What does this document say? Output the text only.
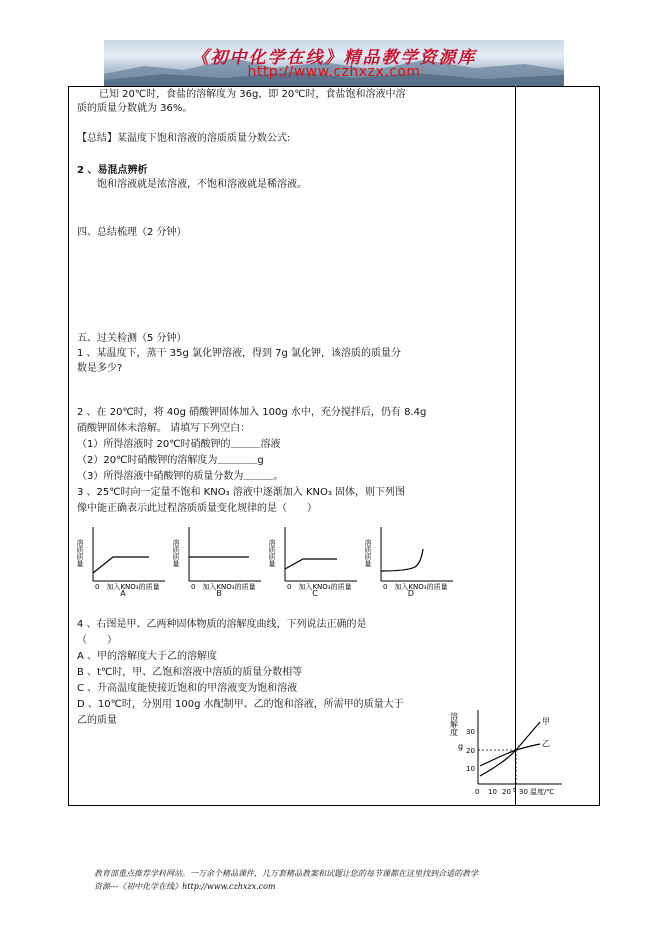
《初中化学在线》精品教学资源库
http://www.czhxzx.com
已知 20℃时，食盐的溶解度为 36g，即 20℃时，食盐饱和溶液中溶
质的质量分数就为 36%。
【总结】某温度下饱和溶液的溶质质量分数公式:
2 、易混点辨析
饱和溶液就是浓溶液，不饱和溶液就是稀溶液。
四、总结梳理（2 分钟）
五、过关检测（5 分钟）
1 、某温度下，蒸干 35g 氯化钾溶液，得到 7g 氯化钾，该溶质的质量分
数是多少?
2 、在 20℃时，将 40g 硝酸钾固体加入 100g 水中，充分搅拌后，仍有 8.4g
硝酸钾固体未溶解。 请填写下列空白：
（1）所得溶液时 20℃时硝酸钾的＿＿＿溶液
（2）20℃时硝酸钾的溶解度为＿＿＿＿g
（3）所得溶液中硝酸钾的质量分数为＿＿＿。
3 、25℃时向一定量不饱和 KNO₃ 溶液中逐渐加入 KNO₃ 固体，则下列图
像中能正确表示此过程溶质质量变化规律的是（　　）
溶质质量
0　加入KNO₃的质量
A
溶质质量
0　加入KNO₃的质量
B
溶质质量
0　加入KNO₃的质量
C
溶质质量
0　加入KNO₃的质量
D
4 、右图是甲、乙两种固体物质的溶解度曲线，下列说法正确的是
（　　）
A 、甲的溶解度大于乙的溶解度
B 、t℃时，甲、乙饱和溶液中溶质的质量分数相等
C 、升高温度能使接近饱和的甲溶液变为饱和溶液
D 、10℃时，分别用 100g 水配制甲、乙的饱和溶液，所需甲的质量大于
乙的质量	溶解度
g
30
20
10
0 10 20 t 30 温度/℃
甲
乙
教育部重点推荐学科网站。一万余个精品课件，几万套精品教案和试题让您的每节课都在这里找到合适的教学
资源---《初中化学在线》http://www.czhxzx.com
